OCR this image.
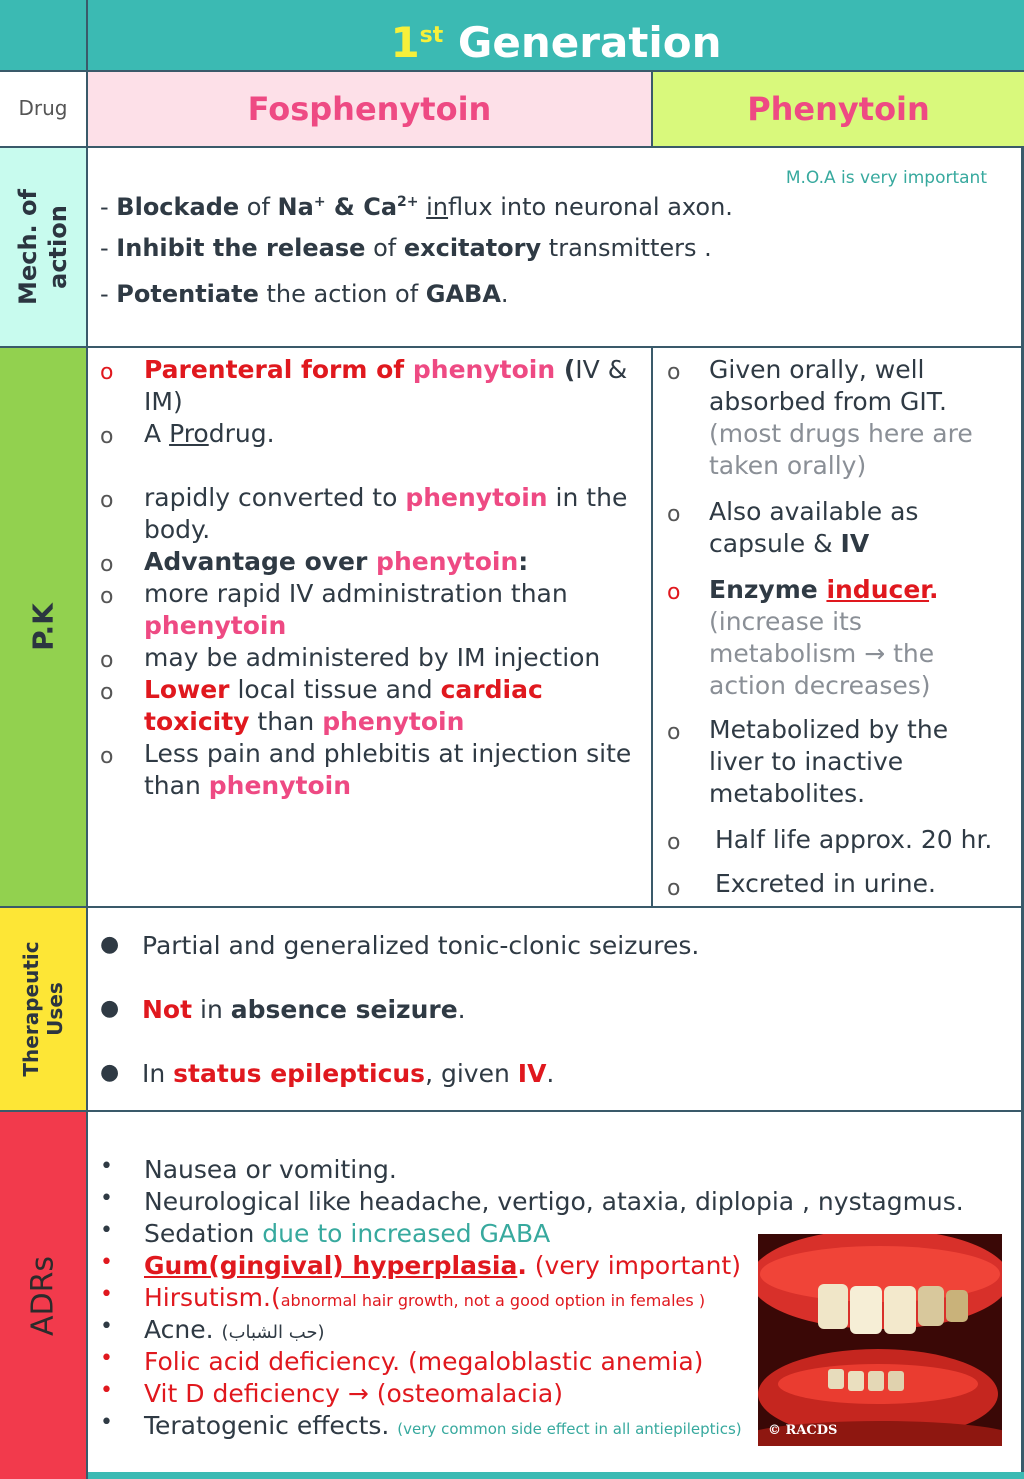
1st Generation
Drug	Fosphenytoin	Phenytoin
Mech. of action
M.O.A is very important
- Blockade of Na+ & $Ca^{2+}$ influx into neuronal axon.
- Inhibit the release of excitatory transmitters .
- Potentiate the action of GABA.
P.K
o Parenteral form of phenytoin (IV & IM)
o A Prodrug.
o rapidly converted to phenytoin in the body.
o Advantage over phenytoin:
o more rapid IV administration than phenytoin
o may be administered by IM injection
o Lower local tissue and cardiac toxicity than phenytoin
o Less pain and phlebitis at injection site than phenytoin
o Given orally, well absorbed from GIT.(most drugs here are taken orally)
o Also available as capsule & IV
o Enzyme inducer.
(increase its metabolism → the action decreases)
o Metabolized by the liver to inactive metabolites.
o Half life approx. 20 hr.
o Excreted in urine.
Therapeutic Uses
● Partial and generalized tonic-clonic seizures.
● Not in absence seizure.
● In status epilepticus, given IV.
ADRs
• Nausea or vomiting.
• Neurological like headache, vertigo, ataxia, diplopia , nystagmus.
• Sedation due to increased GABA
• Gum(gingival) hyperplasia. (very important)
• Hirsutism.(abnormal hair growth, not a good option in females )
• Acne. (حب الشباب)
• Folic acid deficiency. (megaloblastic anemia)
• Vit D deficiency → (osteomalacia)
• Teratogenic effects. (very common side effect in all antiepileptics) © RACDS
